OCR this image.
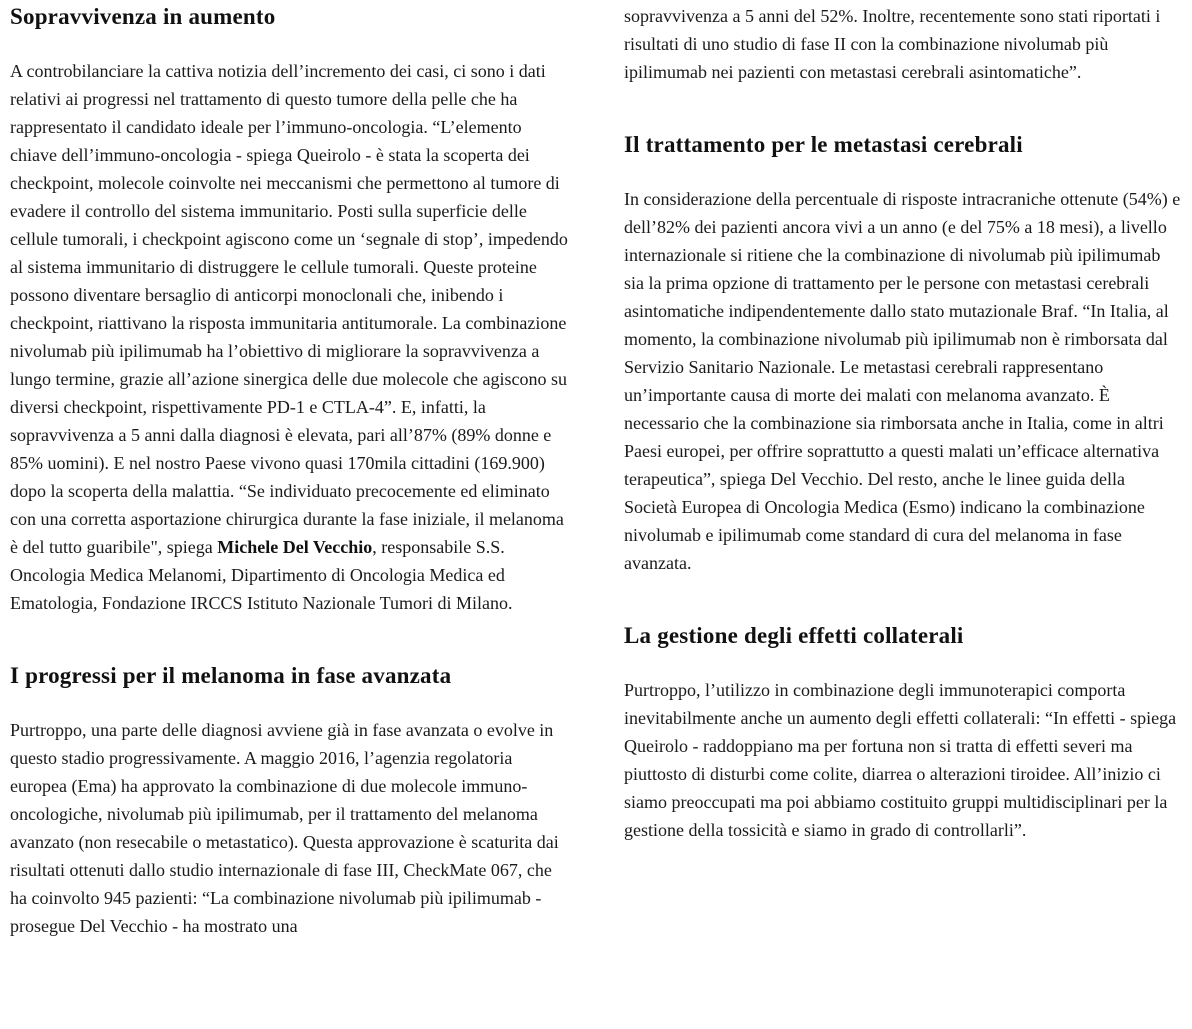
Sopravvivenza in aumento

A controbilanciare la cattiva notizia dell’incremento dei casi, ci sono i dati relativi ai progressi nel trattamento di questo tumore della pelle che ha rappresentato il candidato ideale per l’immuno-oncologia. “L’elemento chiave dell’immuno-oncologia - spiega Queirolo - è stata la scoperta dei checkpoint, molecole coinvolte nei meccanismi che permettono al tumore di evadere il controllo del sistema immunitario. Posti sulla superficie delle cellule tumorali, i checkpoint agiscono come un ‘segnale di stop’, impedendo al sistema immunitario di distruggere le cellule tumorali. Queste proteine possono diventare bersaglio di anticorpi monoclonali che, inibendo i checkpoint, riattivano la risposta immunitaria antitumorale. La combinazione nivolumab più ipilimumab ha l’obiettivo di migliorare la sopravvivenza a lungo termine, grazie all’azione sinergica delle due molecole che agiscono su diversi checkpoint, rispettivamente PD-1 e CTLA-4”. E, infatti, la sopravvivenza a 5 anni dalla diagnosi è elevata, pari all’87% (89% donne e 85% uomini). E nel nostro Paese vivono quasi 170mila cittadini (169.900) dopo la scoperta della malattia. “Se individuato precocemente ed eliminato con una corretta asportazione chirurgica durante la fase iniziale, il melanoma è del tutto guaribile", spiega Michele Del Vecchio, responsabile S.S. Oncologia Medica Melanomi, Dipartimento di Oncologia Medica ed Ematologia, Fondazione IRCCS Istituto Nazionale Tumori di Milano.

I progressi per il melanoma in fase avanzata

Purtroppo, una parte delle diagnosi avviene già in fase avanzata o evolve in questo stadio progressivamente. A maggio 2016, l’agenzia regolatoria europea (Ema) ha approvato la combinazione di due molecole immuno-oncologiche, nivolumab più ipilimumab, per il trattamento del melanoma avanzato (non resecabile o metastatico). Questa approvazione è scaturita dai risultati ottenuti dallo studio internazionale di fase III, CheckMate 067, che ha coinvolto 945 pazienti: “La combinazione nivolumab più ipilimumab - prosegue Del Vecchio - ha mostrato una

sopravvivenza a 5 anni del 52%. Inoltre, recentemente sono stati riportati i risultati di uno studio di fase II con la combinazione nivolumab più ipilimumab nei pazienti con metastasi cerebrali asintomatiche”.

Il trattamento per le metastasi cerebrali

In considerazione della percentuale di risposte intracraniche ottenute (54%) e dell’82% dei pazienti ancora vivi a un anno (e del 75% a 18 mesi), a livello internazionale si ritiene che la combinazione di nivolumab più ipilimumab sia la prima opzione di trattamento per le persone con metastasi cerebrali asintomatiche indipendentemente dallo stato mutazionale Braf. “In Italia, al momento, la combinazione nivolumab più ipilimumab non è rimborsata dal Servizio Sanitario Nazionale. Le metastasi cerebrali rappresentano un’importante causa di morte dei malati con melanoma avanzato. È necessario che la combinazione sia rimborsata anche in Italia, come in altri Paesi europei, per offrire soprattutto a questi malati un’efficace alternativa terapeutica”, spiega Del Vecchio. Del resto, anche le linee guida della Società Europea di Oncologia Medica (Esmo) indicano la combinazione nivolumab e ipilimumab come standard di cura del melanoma in fase avanzata.

La gestione degli effetti collaterali

Purtroppo, l’utilizzo in combinazione degli immunoterapici comporta inevitabilmente anche un aumento degli effetti collaterali: “In effetti - spiega Queirolo - raddoppiano ma per fortuna non si tratta di effetti severi ma piuttosto di disturbi come colite, diarrea o alterazioni tiroidee. All’inizio ci siamo preoccupati ma poi abbiamo costituito gruppi multidisciplinari per la gestione della tossicità e siamo in grado di controllarli”.
